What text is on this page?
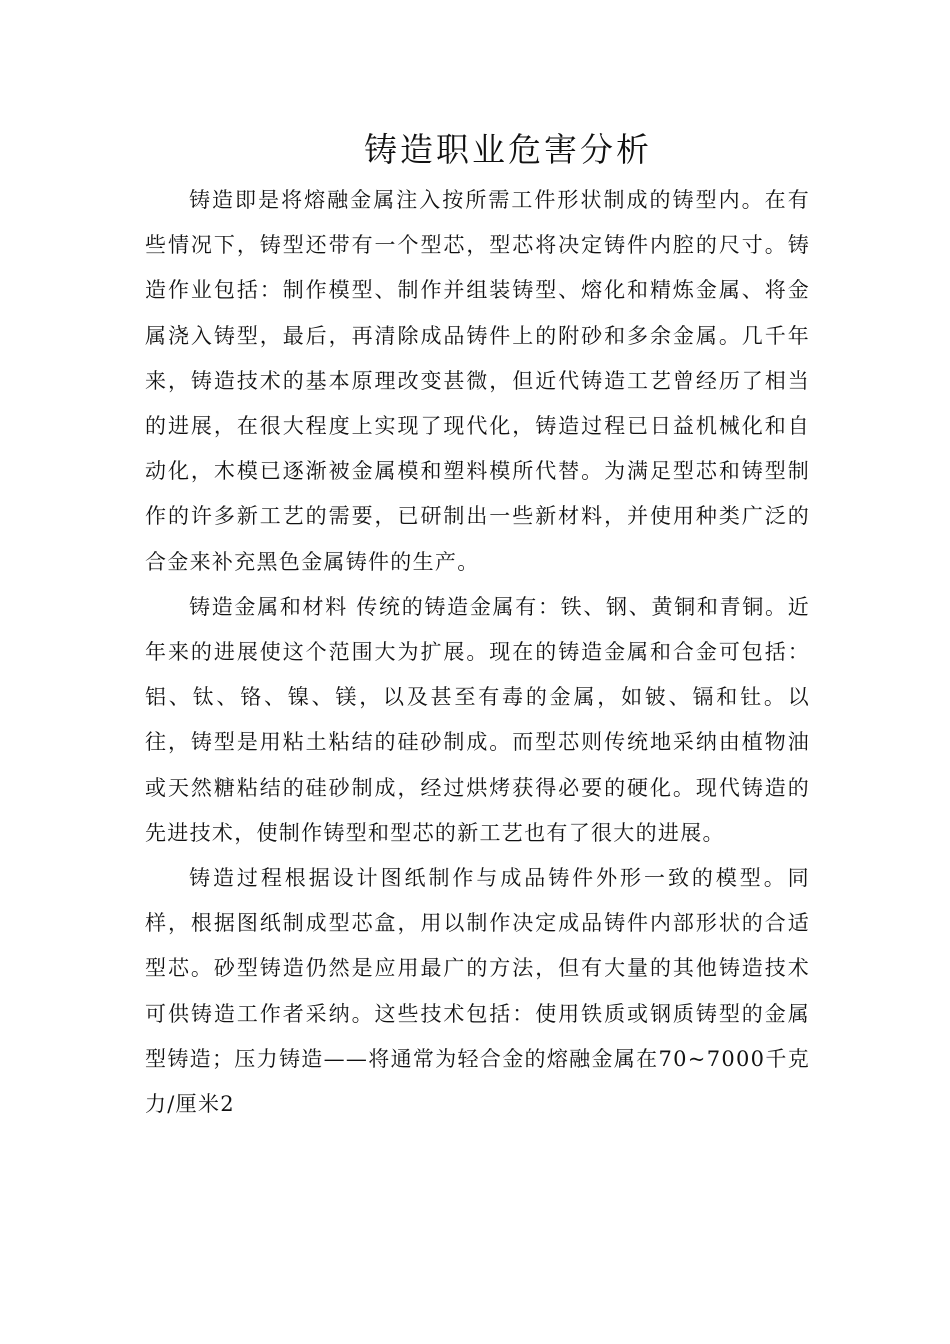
铸造职业危害分析

铸造即是将熔融金属注入按所需工件形状制成的铸型内。在有些情况下，铸型还带有一个型芯，型芯将决定铸件内腔的尺寸。铸造作业包括：制作模型、制作并组装铸型、熔化和精炼金属、将金属浇入铸型，最后，再清除成品铸件上的附砂和多余金属。几千年来，铸造技术的基本原理改变甚微，但近代铸造工艺曾经历了相当的进展，在很大程度上实现了现代化，铸造过程已日益机械化和自动化，木模已逐渐被金属模和塑料模所代替。为满足型芯和铸型制作的许多新工艺的需要，已研制出一些新材料，并使用种类广泛的合金来补充黑色金属铸件的生产。

铸造金属和材料 传统的铸造金属有：铁、钢、黄铜和青铜。近年来的进展使这个范围大为扩展。现在的铸造金属和合金可包括：铝、钛、铬、镍、镁，以及甚至有毒的金属，如铍、镉和钍。以往，铸型是用粘土粘结的硅砂制成。而型芯则传统地采纳由植物油或天然糖粘结的硅砂制成，经过烘烤获得必要的硬化。现代铸造的先进技术，使制作铸型和型芯的新工艺也有了很大的进展。

铸造过程根据设计图纸制作与成品铸件外形一致的模型。同样，根据图纸制成型芯盒，用以制作决定成品铸件内部形状的合适型芯。砂型铸造仍然是应用最广的方法，但有大量的其他铸造技术可供铸造工作者采纳。这些技术包括：使用铁质或钢质铸型的金属型铸造；压力铸造——将通常为轻合金的熔融金属在70~7000千克力/厘米2
